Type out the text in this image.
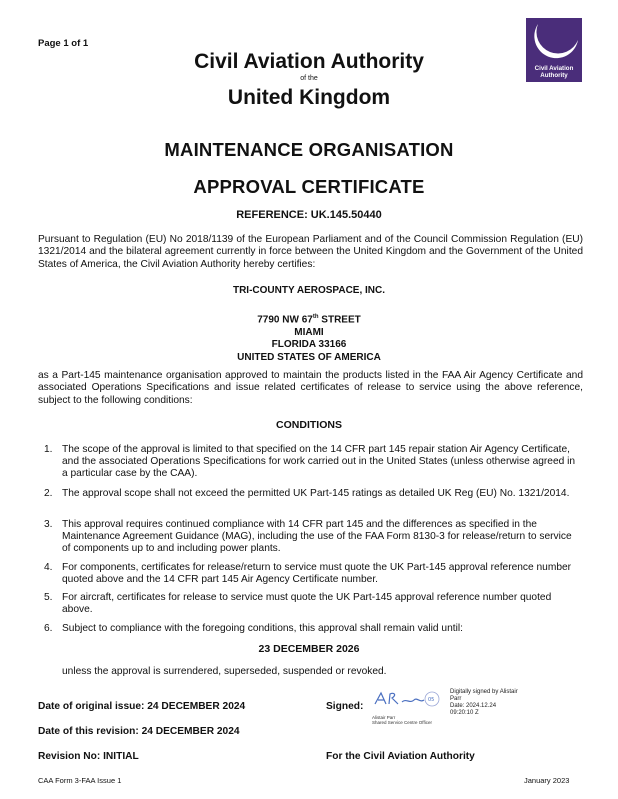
Page 1 of 1
Civil Aviation
Authority
Civil Aviation Authority
of the
United Kingdom
MAINTENANCE ORGANISATION
APPROVAL CERTIFICATE
REFERENCE: UK.145.50440
Pursuant to Regulation (EU) No 2018/1139 of the European Parliament and of the Council Commission Regulation (EU) 1321/2014 and the bilateral agreement currently in force between the United Kingdom and the Government of the United States of America, the Civil Aviation Authority hereby certifies:
TRI-COUNTY AEROSPACE, INC.
7790 NW 67th STREET
MIAMI
FLORIDA 33166
UNITED STATES OF AMERICA
as a Part-145 maintenance organisation approved to maintain the products listed in the FAA Air Agency Certificate and associated Operations Specifications and issue related certificates of release to service using the above reference, subject to the following conditions:
CONDITIONS
1. The scope of the approval is limited to that specified on the 14 CFR part 145 repair station Air Agency Certificate, and the associated Operations Specifications for work carried out in the United States (unless otherwise agreed in a particular case by the CAA).
2. The approval scope shall not exceed the permitted UK Part-145 ratings as detailed UK Reg (EU) No. 1321/2014.
3. This approval requires continued compliance with 14 CFR part 145 and the differences as specified in the Maintenance Agreement Guidance (MAG), including the use of the FAA Form 8130-3 for release/return to service of components up to and including power plants.
4. For components, certificates for release/return to service must quote the UK Part-145 approval reference number quoted above and the 14 CFR part 145 Air Agency Certificate number.
5. For aircraft, certificates for release to service must quote the UK Part-145 approval reference number quoted above.
6. Subject to compliance with the foregoing conditions, this approval shall remain valid until:
23 DECEMBER 2026
unless the approval is surrendered, superseded, suspended or revoked.
Date of original issue: 24 DECEMBER 2024
Date of this revision: 24 DECEMBER 2024
Revision No: INITIAL
Signed:
05
Alistair Parr
Shared Service Centre Officer
Digitally signed by Alistair
Parr
Date: 2024.12.24
09:20:10 Z
For the Civil Aviation Authority
CAA Form 3-FAA Issue 1	January 2023
